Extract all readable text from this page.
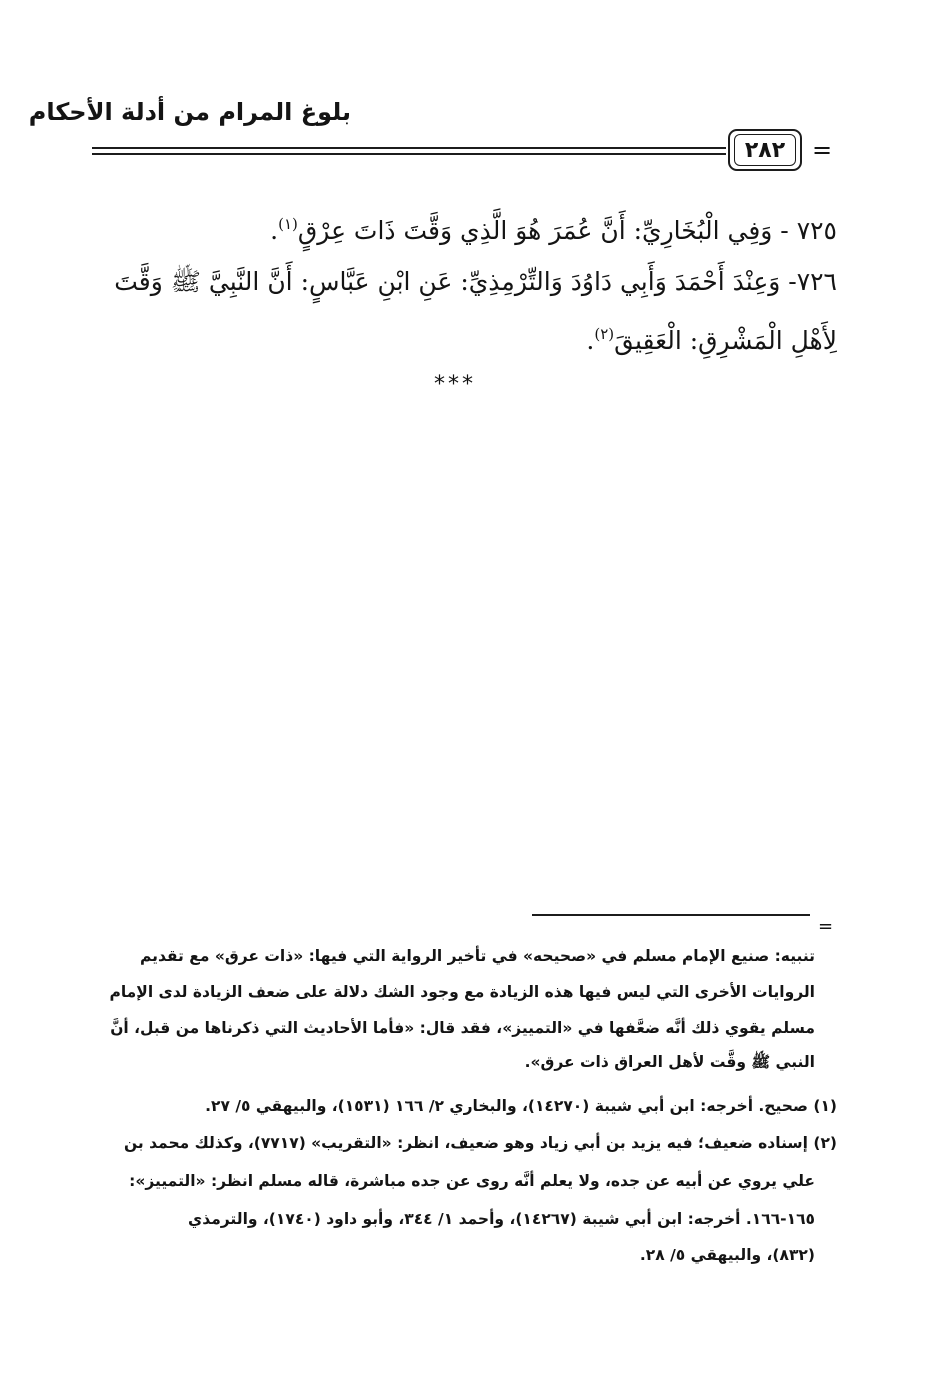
بلوغ المرام من أدلة الأحكام
٢٨٢	=
٧٢٥ - وَفِي الْبُخَارِيِّ: أَنَّ عُمَرَ هُوَ الَّذِي وَقَّتَ ذَاتَ عِرْقٍ$^{(١)}$.
٧٢٦- وَعِنْدَ أَحْمَدَ وَأَبِي دَاوُدَ وَالتِّرْمِذِيِّ: عَنِ ابْنِ عَبَّاسٍ: أَنَّ النَّبِيَّ ﷺ وَقَّتَ
لِأَهْلِ الْمَشْرِقِ: الْعَقِيقَ$^{(٢)}$.
***
=
تنبيه: صنيع الإمام مسلم في «صحيحه» في تأخير الرواية التي فيها: «ذات عرق» مع تقديم
الروايات الأخرى التي ليس فيها هذه الزيادة مع وجود الشك دلالة على ضعف الزيادة لدى الإمام
مسلم يقوي ذلك أنَّه ضعَّفها في «التمييز»، فقد قال: «فأما الأحاديث التي ذكرناها من قبل، أنَّ
النبي ﷺ وقَّت لأهل العراق ذات عرق».
(١) صحيح. أخرجه: ابن أبي شيبة (١٤٢٧٠)، والبخاري ٢/ ١٦٦ (١٥٣١)، والبيهقي ٥/ ٢٧.
(٢) إسناده ضعيف؛ فيه يزيد بن أبي زياد وهو ضعيف، انظر: «التقريب» (٧٧١٧)، وكذلك محمد بن
علي يروي عن أبيه عن جده، ولا يعلم أنَّه روى عن جده مباشرة، قاله مسلم انظر: «التمييز»:
١٦٥-١٦٦. أخرجه: ابن أبي شيبة (١٤٢٦٧)، وأحمد ١/ ٣٤٤، وأبو داود (١٧٤٠)، والترمذي
(٨٣٢)، والبيهقي ٥/ ٢٨.
